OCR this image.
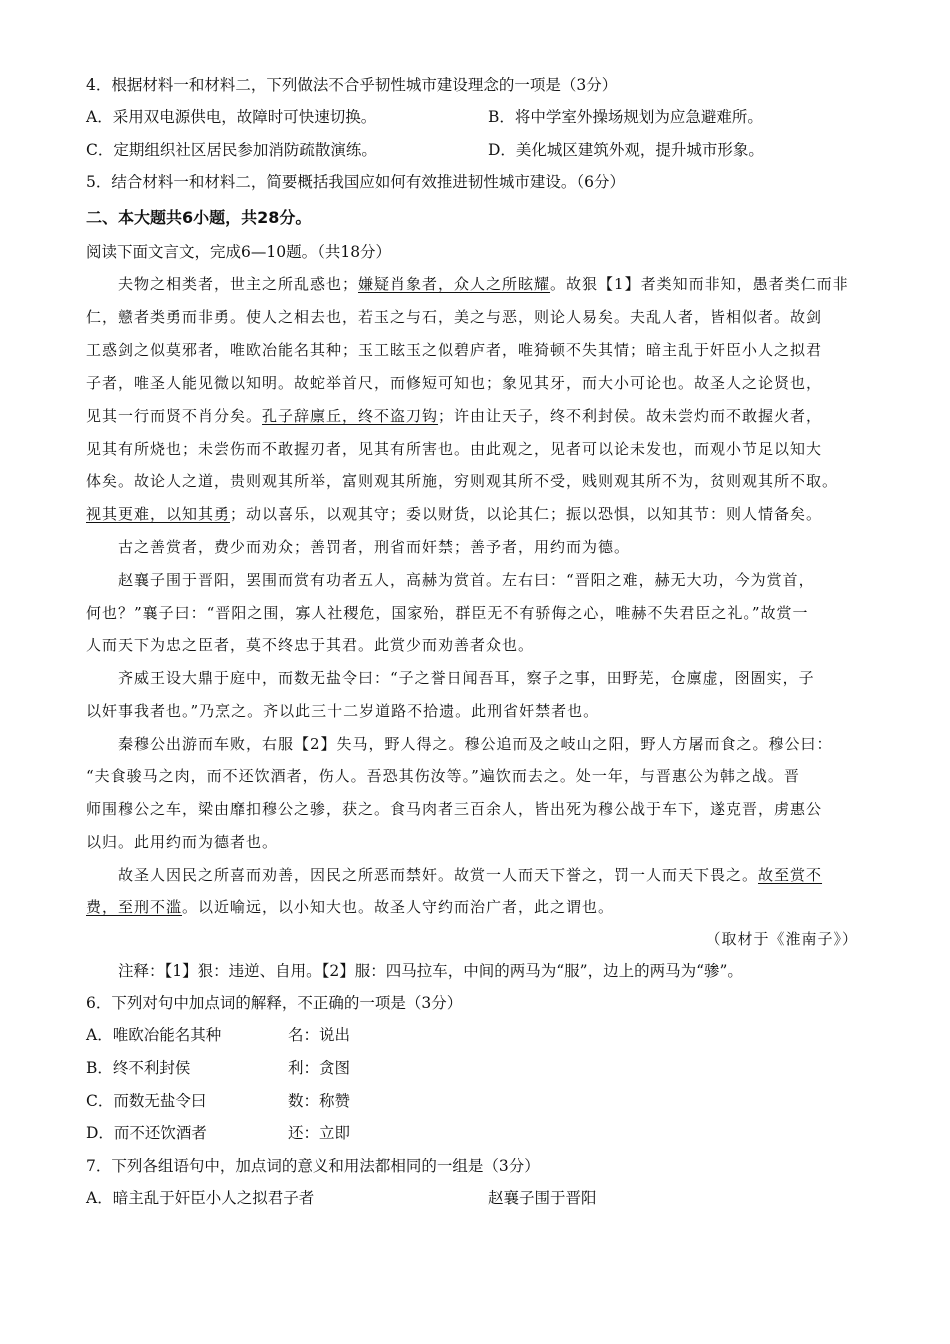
4．根据材料一和材料二，下列做法不合乎韧性城市建设理念的一项是（3分）
A．采用双电源供电，故障时可快速切换。	B．将中学室外操场规划为应急避难所。
C．定期组织社区居民参加消防疏散演练。	D．美化城区建筑外观，提升城市形象。
5．结合材料一和材料二，简要概括我国应如何有效推进韧性城市建设。（6分）
二、本大题共6小题，共28分。
阅读下面文言文，完成6—10题。（共18分）
夫物之相类者，世主之所乱惑也；嫌疑肖象者，众人之所眩耀。故狠【1】者类知而非知，愚者类仁而非
仁，戆者类勇而非勇。使人之相去也，若玉之与石，美之与恶，则论人易矣。夫乱人者，皆相似者。故剑
工惑剑之似莫邪者，唯欧冶能名其种；玉工眩玉之似碧庐者，唯猗顿不失其情；暗主乱于奸臣小人之拟君
子者，唯圣人能见微以知明。故蛇举首尺，而修短可知也；象见其牙，而大小可论也。故圣人之论贤也，
见其一行而贤不肖分矣。孔子辞廪丘，终不盗刀钩；许由让天子，终不利封侯。故未尝灼而不敢握火者，
见其有所烧也；未尝伤而不敢握刃者，见其有所害也。由此观之，见者可以论未发也，而观小节足以知大
体矣。故论人之道，贵则观其所举，富则观其所施，穷则观其所不受，贱则观其所不为，贫则观其所不取。
视其更难，以知其勇；动以喜乐，以观其守；委以财货，以论其仁；振以恐惧，以知其节：则人情备矣。
古之善赏者，费少而劝众；善罚者，刑省而奸禁；善予者，用约而为德。
赵襄子围于晋阳，罢围而赏有功者五人，高赫为赏首。左右曰：“晋阳之难，赫无大功，今为赏首，
何也？”襄子曰：“晋阳之围，寡人社稷危，国家殆，群臣无不有骄侮之心，唯赫不失君臣之礼。”故赏一
人而天下为忠之臣者，莫不终忠于其君。此赏少而劝善者众也。
齐威王设大鼎于庭中，而数无盐令曰：“子之誉日闻吾耳，察子之事，田野芜，仓廪虚，囹圄实，子
以奸事我者也。”乃烹之。齐以此三十二岁道路不拾遗。此刑省奸禁者也。
秦穆公出游而车败，右服【2】失马，野人得之。穆公追而及之岐山之阳，野人方屠而食之。穆公曰：
“夫食骏马之肉，而不还饮酒者，伤人。吾恐其伤汝等。”遍饮而去之。处一年，与晋惠公为韩之战。晋
师围穆公之车，梁由靡扣穆公之骖，获之。食马肉者三百余人，皆出死为穆公战于车下，遂克晋，虏惠公
以归。此用约而为德者也。
故圣人因民之所喜而劝善，因民之所恶而禁奸。故赏一人而天下誉之，罚一人而天下畏之。故至赏不
费，至刑不滥。以近喻远，以小知大也。故圣人守约而治广者，此之谓也。
（取材于《淮南子》）
注释：【1】狠：违逆、自用。【2】服：四马拉车，中间的两马为“服”，边上的两马为“骖”。
6．下列对句中加点词的解释，不正确的一项是（3分）
A．唯欧冶能名其种	名：说出
B．终不利封侯	利：贪图
C．而数无盐令曰	数：称赞
D．而不还饮酒者	还：立即
7．下列各组语句中，加点词的意义和用法都相同的一组是（3分）
A．暗主乱于奸臣小人之拟君子者	赵襄子围于晋阳
